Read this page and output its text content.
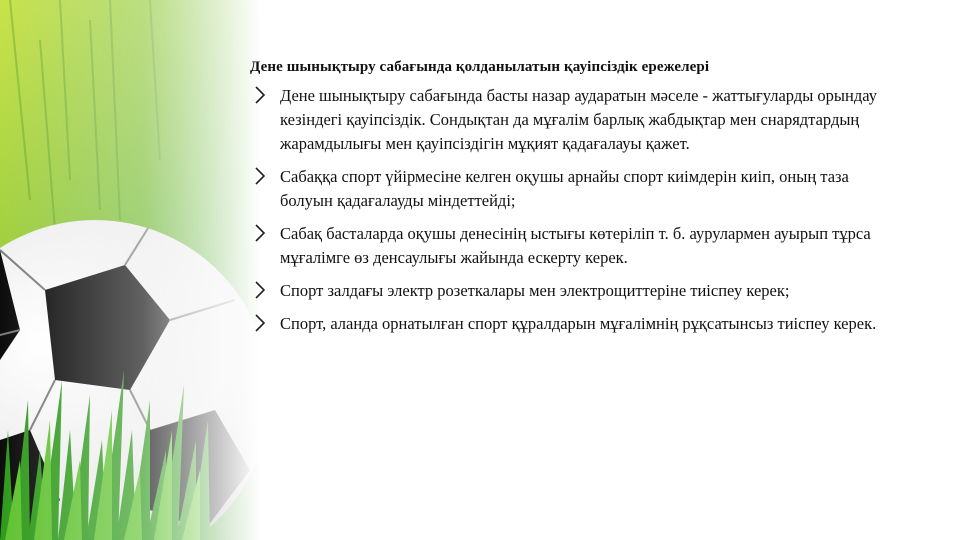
Дене шынықтыру сабағында қолданылатын қауіпсіздік ережелері
Дене шынықтыру сабағында басты назар аударатын мәселе - жаттығуларды орындау кезіндегі қауіпсіздік. Сондықтан да мұғалім барлық жабдықтар мен снарядтардың жарамдылығы мен қауіпсіздігін мұқият қадағалауы қажет.
Сабаққа спорт үйірмесіне келген оқушы арнайы спорт киімдерін киіп, оның таза болуын қадағалауды міндеттейді;
Сабақ басталарда оқушы денесінің ыстығы көтеріліп т. б. аурулармен ауырып тұрса мұғалімге өз денсаулығы жайында ескерту керек.
Спорт залдағы электр розеткалары мен электрощиттеріне тиіспеу керек;
Спорт, аланда орнатылған спорт құралдарын мұғалімнің рұқсатынсыз тиіспеу керек.
